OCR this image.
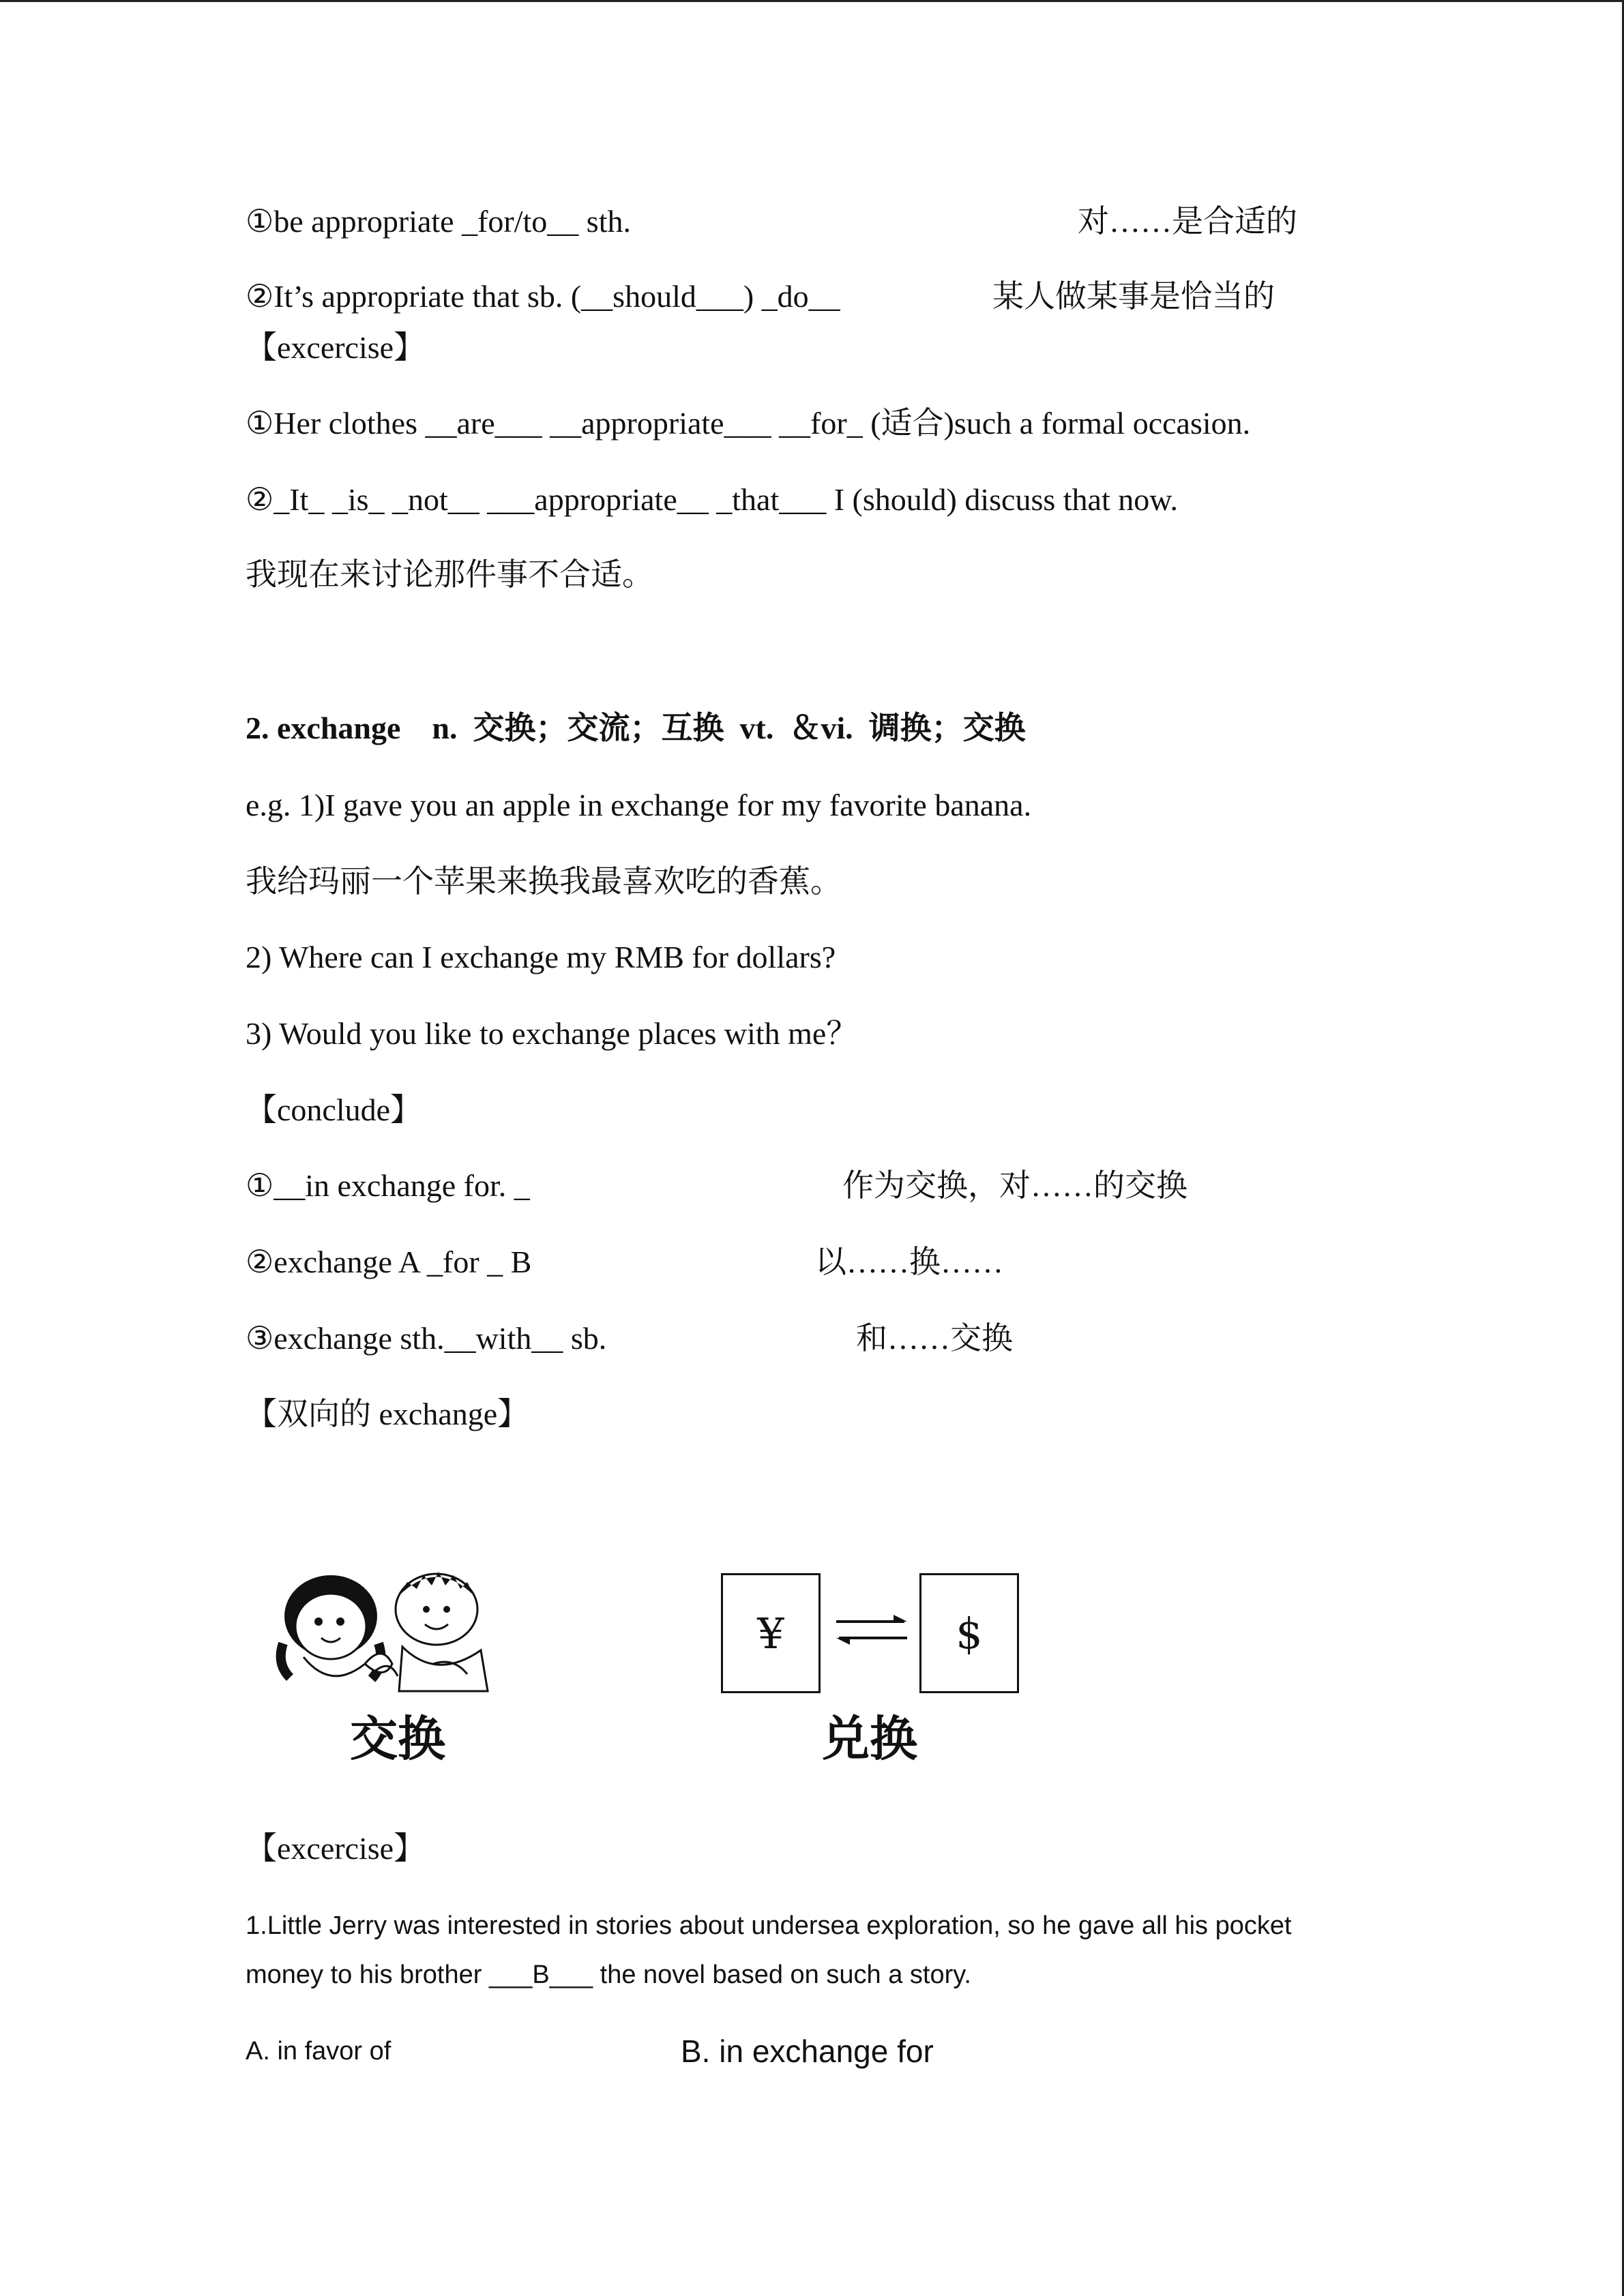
①be appropriate _for/to__ sth.	对……是合适的
②It’s appropriate that sb. (__should___) _do__	某人做某事是恰当的
【excercise】
①Her clothes __are___ __appropriate___ __for_ (适合)such a formal occasion.
②_It_ _is_ _not__ ___appropriate__ _that___ I (should) discuss that now.
我现在来讨论那件事不合适。
2. exchange    n.  交换；交流；互换  vt.  ＆vi.  调换；交换
e.g. 1)I gave you an apple in exchange for my favorite banana.
我给玛丽一个苹果来换我最喜欢吃的香蕉。
2) Where can I exchange my RMB for dollars?
3) Would you like to exchange places with me？
【conclude】
①__in exchange for. _	作为交换，对……的交换
②exchange A _for _ B	以……换……
③exchange sth.__with__ sb.	和……交换
【双向的 exchange】
交换
¥	$
兑换
【excercise】
1.Little Jerry was interested in stories about undersea exploration, so he gave all his pocket
money to his brother ___B___ the novel based on such a story.
A. in favor of	B. in exchange for
